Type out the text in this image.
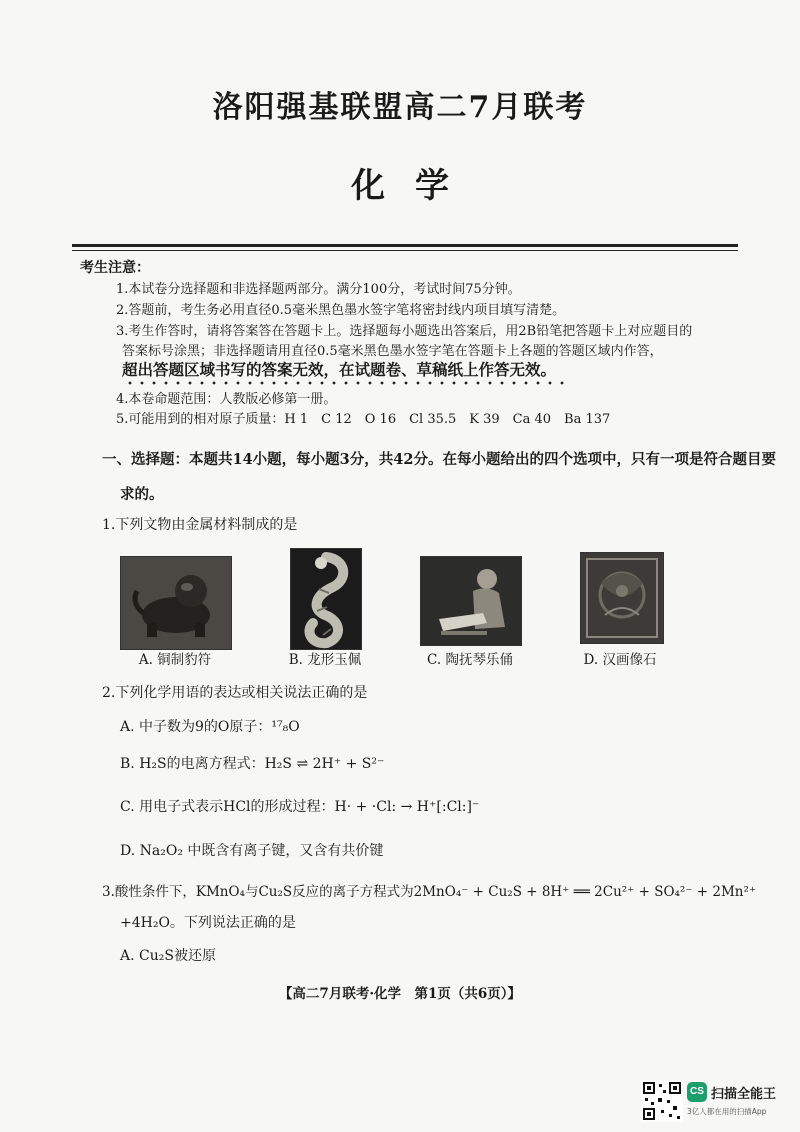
洛阳强基联盟高二7月联考
化学
考生注意：
1.本试卷分选择题和非选择题两部分。满分100分，考试时间75分钟。
2.答题前，考生务必用直径0.5毫米黑色墨水签字笔将密封线内项目填写清楚。
3.考生作答时，请将答案答在答题卡上。选择题每小题选出答案后，用2B铅笔把答题卡上对应题目的
答案标号涂黑；非选择题请用直径0.5毫米黑色墨水签字笔在答题卡上各题的答题区域内作答，
超出答题区域书写的答案无效，在试题卷、草稿纸上作答无效。
4.本卷命题范围：人教版必修第一册。
5.可能用到的相对原子质量：H 1　C 12　O 16　Cl 35.5　K 39　Ca 40　Ba 137
一、选择题：本题共14小题，每小题3分，共42分。在每小题给出的四个选项中，只有一项是符合题目要
求的。
1.下列文物由金属材料制成的是
A. 铜制豹符	B. 龙形玉佩	C. 陶抚琴乐俑	D. 汉画像石
2.下列化学用语的表达或相关说法正确的是
A. 中子数为9的O原子：¹⁷₈O
B. H₂S的电离方程式：H₂S ⇌ 2H⁺ + S²⁻
C. 用电子式表示HCl的形成过程：H· + ·Cl: → H⁺[:Cl:]⁻
D. Na₂O₂ 中既含有离子键，又含有共价键
3.酸性条件下，KMnO₄与Cu₂S反应的离子方程式为2MnO₄⁻ + Cu₂S + 8H⁺ ══ 2Cu²⁺ + SO₄²⁻ + 2Mn²⁺
+4H₂O。下列说法正确的是
A. Cu₂S被还原
【高二7月联考·化学　第1页（共6页）】
CS 扫描全能王
3亿人都在用的扫描App
